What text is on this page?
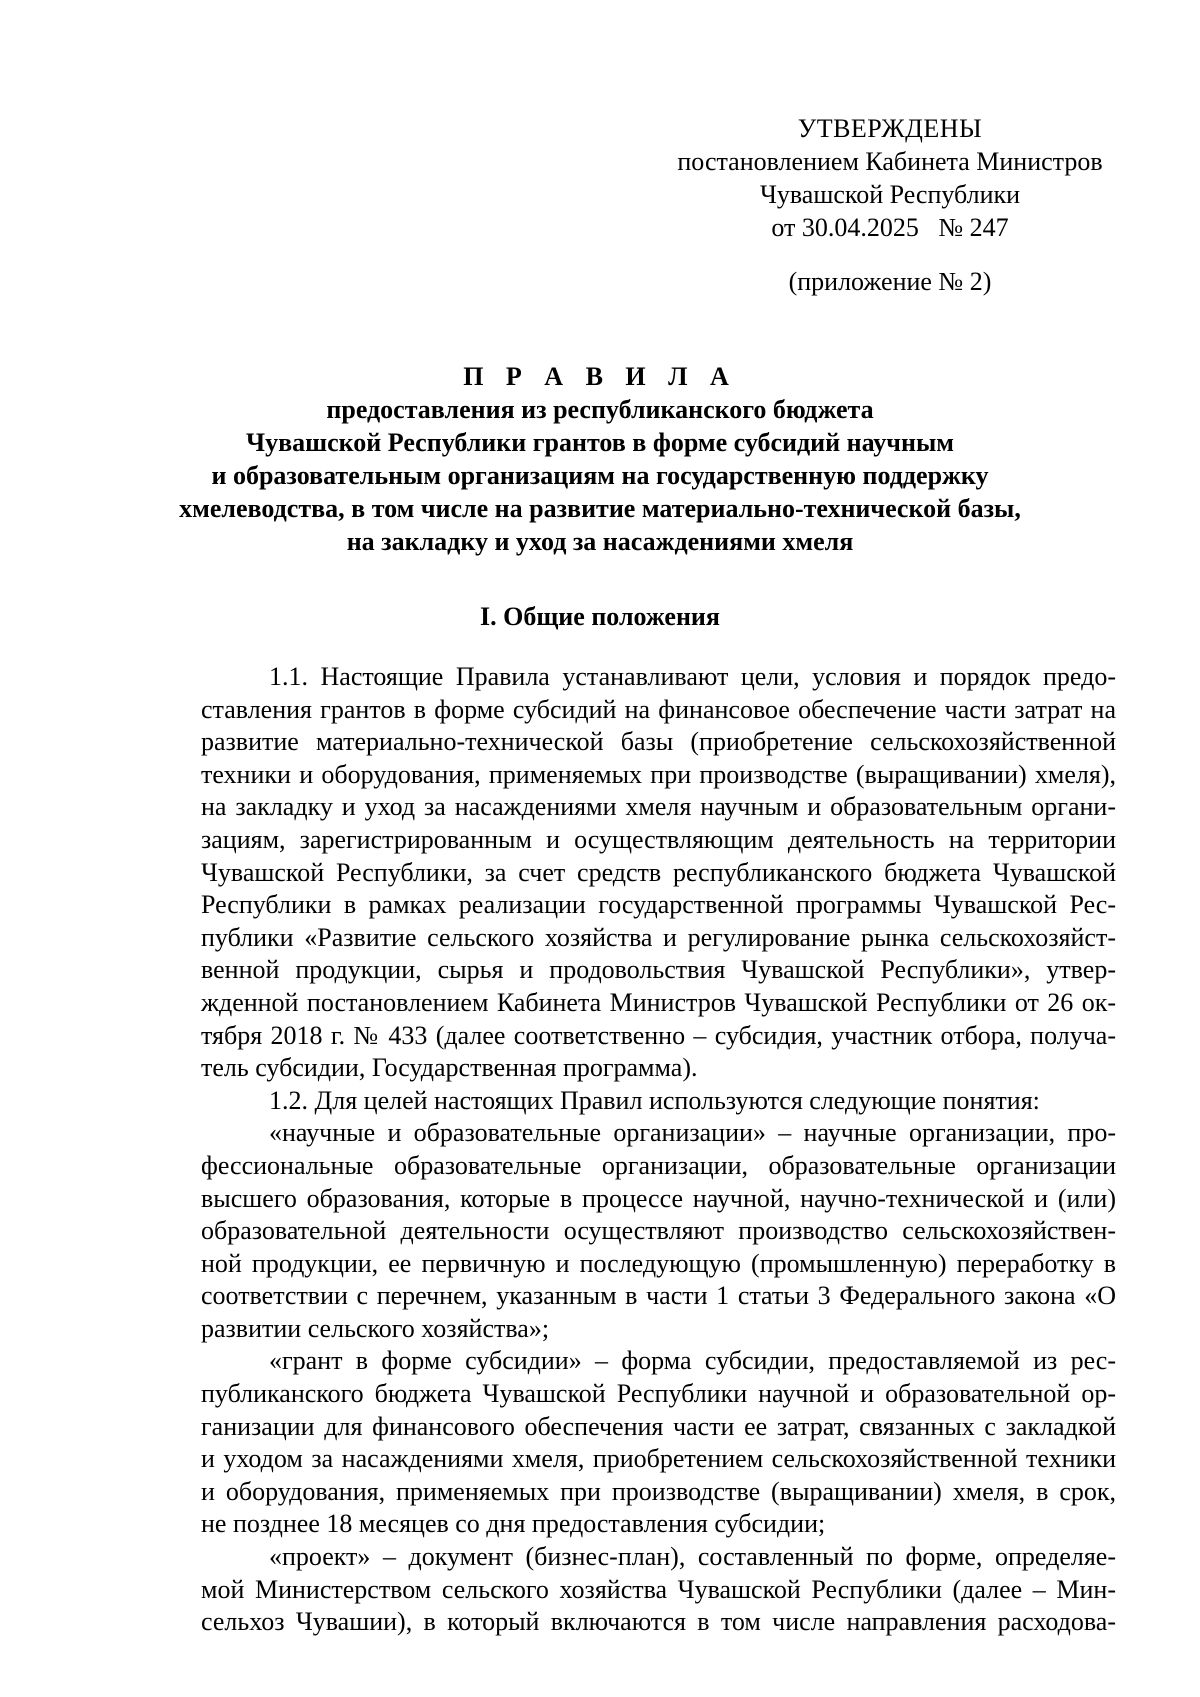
УТВЕРЖДЕНЫ
постановлением Кабинета Министров
Чувашской Республики
от 30.04.2025   № 247
(приложение № 2)
П Р А В И Л А
предоставления из республиканского бюджета
Чувашской Республики грантов в форме субсидий научным
и образовательным организациям на государственную поддержку
хмелеводства, в том числе на развитие материально-технической базы,
на закладку и уход за насаждениями хмеля
I. Общие положения
1.1. Настоящие Правила устанавливают цели, условия и порядок предо-
ставления грантов в форме субсидий на финансовое обеспечение части затрат на
развитие материально-технической базы (приобретение сельскохозяйственной
техники и оборудования, применяемых при производстве (выращивании) хмеля),
на закладку и уход за насаждениями хмеля научным и образовательным органи-
зациям, зарегистрированным и осуществляющим деятельность на территории
Чувашской Республики, за счет средств республиканского бюджета Чувашской
Республики в рамках реализации государственной программы Чувашской Рес-
публики «Развитие сельского хозяйства и регулирование рынка сельскохозяйст-
венной продукции, сырья и продовольствия Чувашской Республики», утвер-
жденной постановлением Кабинета Министров Чувашской Республики от 26 ок-
тября 2018 г. № 433 (далее соответственно – субсидия, участник отбора, получа-
тель субсидии, Государственная программа).
1.2. Для целей настоящих Правил используются следующие понятия:
«научные и образовательные организации» – научные организации, про-
фессиональные образовательные организации, образовательные организации
высшего образования, которые в процессе научной, научно-технической и (или)
образовательной деятельности осуществляют производство сельскохозяйствен-
ной продукции, ее первичную и последующую (промышленную) переработку в
соответствии с перечнем, указанным в части 1 статьи 3 Федерального закона «О
развитии сельского хозяйства»;
«грант в форме субсидии» – форма субсидии, предоставляемой из рес-
публиканского бюджета Чувашской Республики научной и образовательной ор-
ганизации для финансового обеспечения части ее затрат, связанных с закладкой
и уходом за насаждениями хмеля, приобретением сельскохозяйственной техники
и оборудования, применяемых при производстве (выращивании) хмеля, в срок,
не позднее 18 месяцев со дня предоставления субсидии;
«проект» – документ (бизнес-план), составленный по форме, определяе-
мой Министерством сельского хозяйства Чувашской Республики (далее – Мин-
сельхоз Чувашии), в который включаются в том числе направления расходова-
